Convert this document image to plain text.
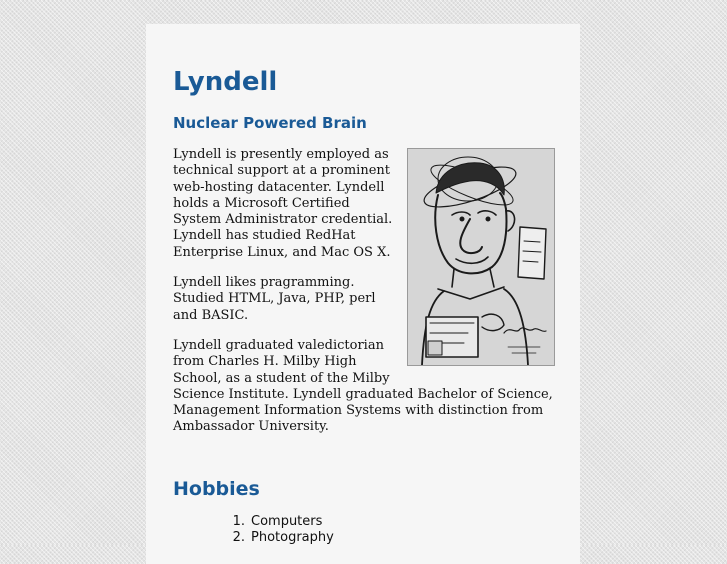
Lyndell
Nuclear Powered Brain

Lyndell is presently employed as technical support at a prominent web-hosting datacenter. Lyndell holds a Microsoft Certified System Administrator credential. Lyndell has studied RedHat Enterprise Linux, and Mac OS X.

Lyndell likes pragramming. Studied HTML, Java, PHP, perl and BASIC.

Lyndell graduated valedictorian from Charles H. Milby High School, as a student of the Milby Science Institute. Lyndell graduated Bachelor of Science, Management Information Systems with distinction from Ambassador University.

Hobbies
1. Computers
2. Photography
